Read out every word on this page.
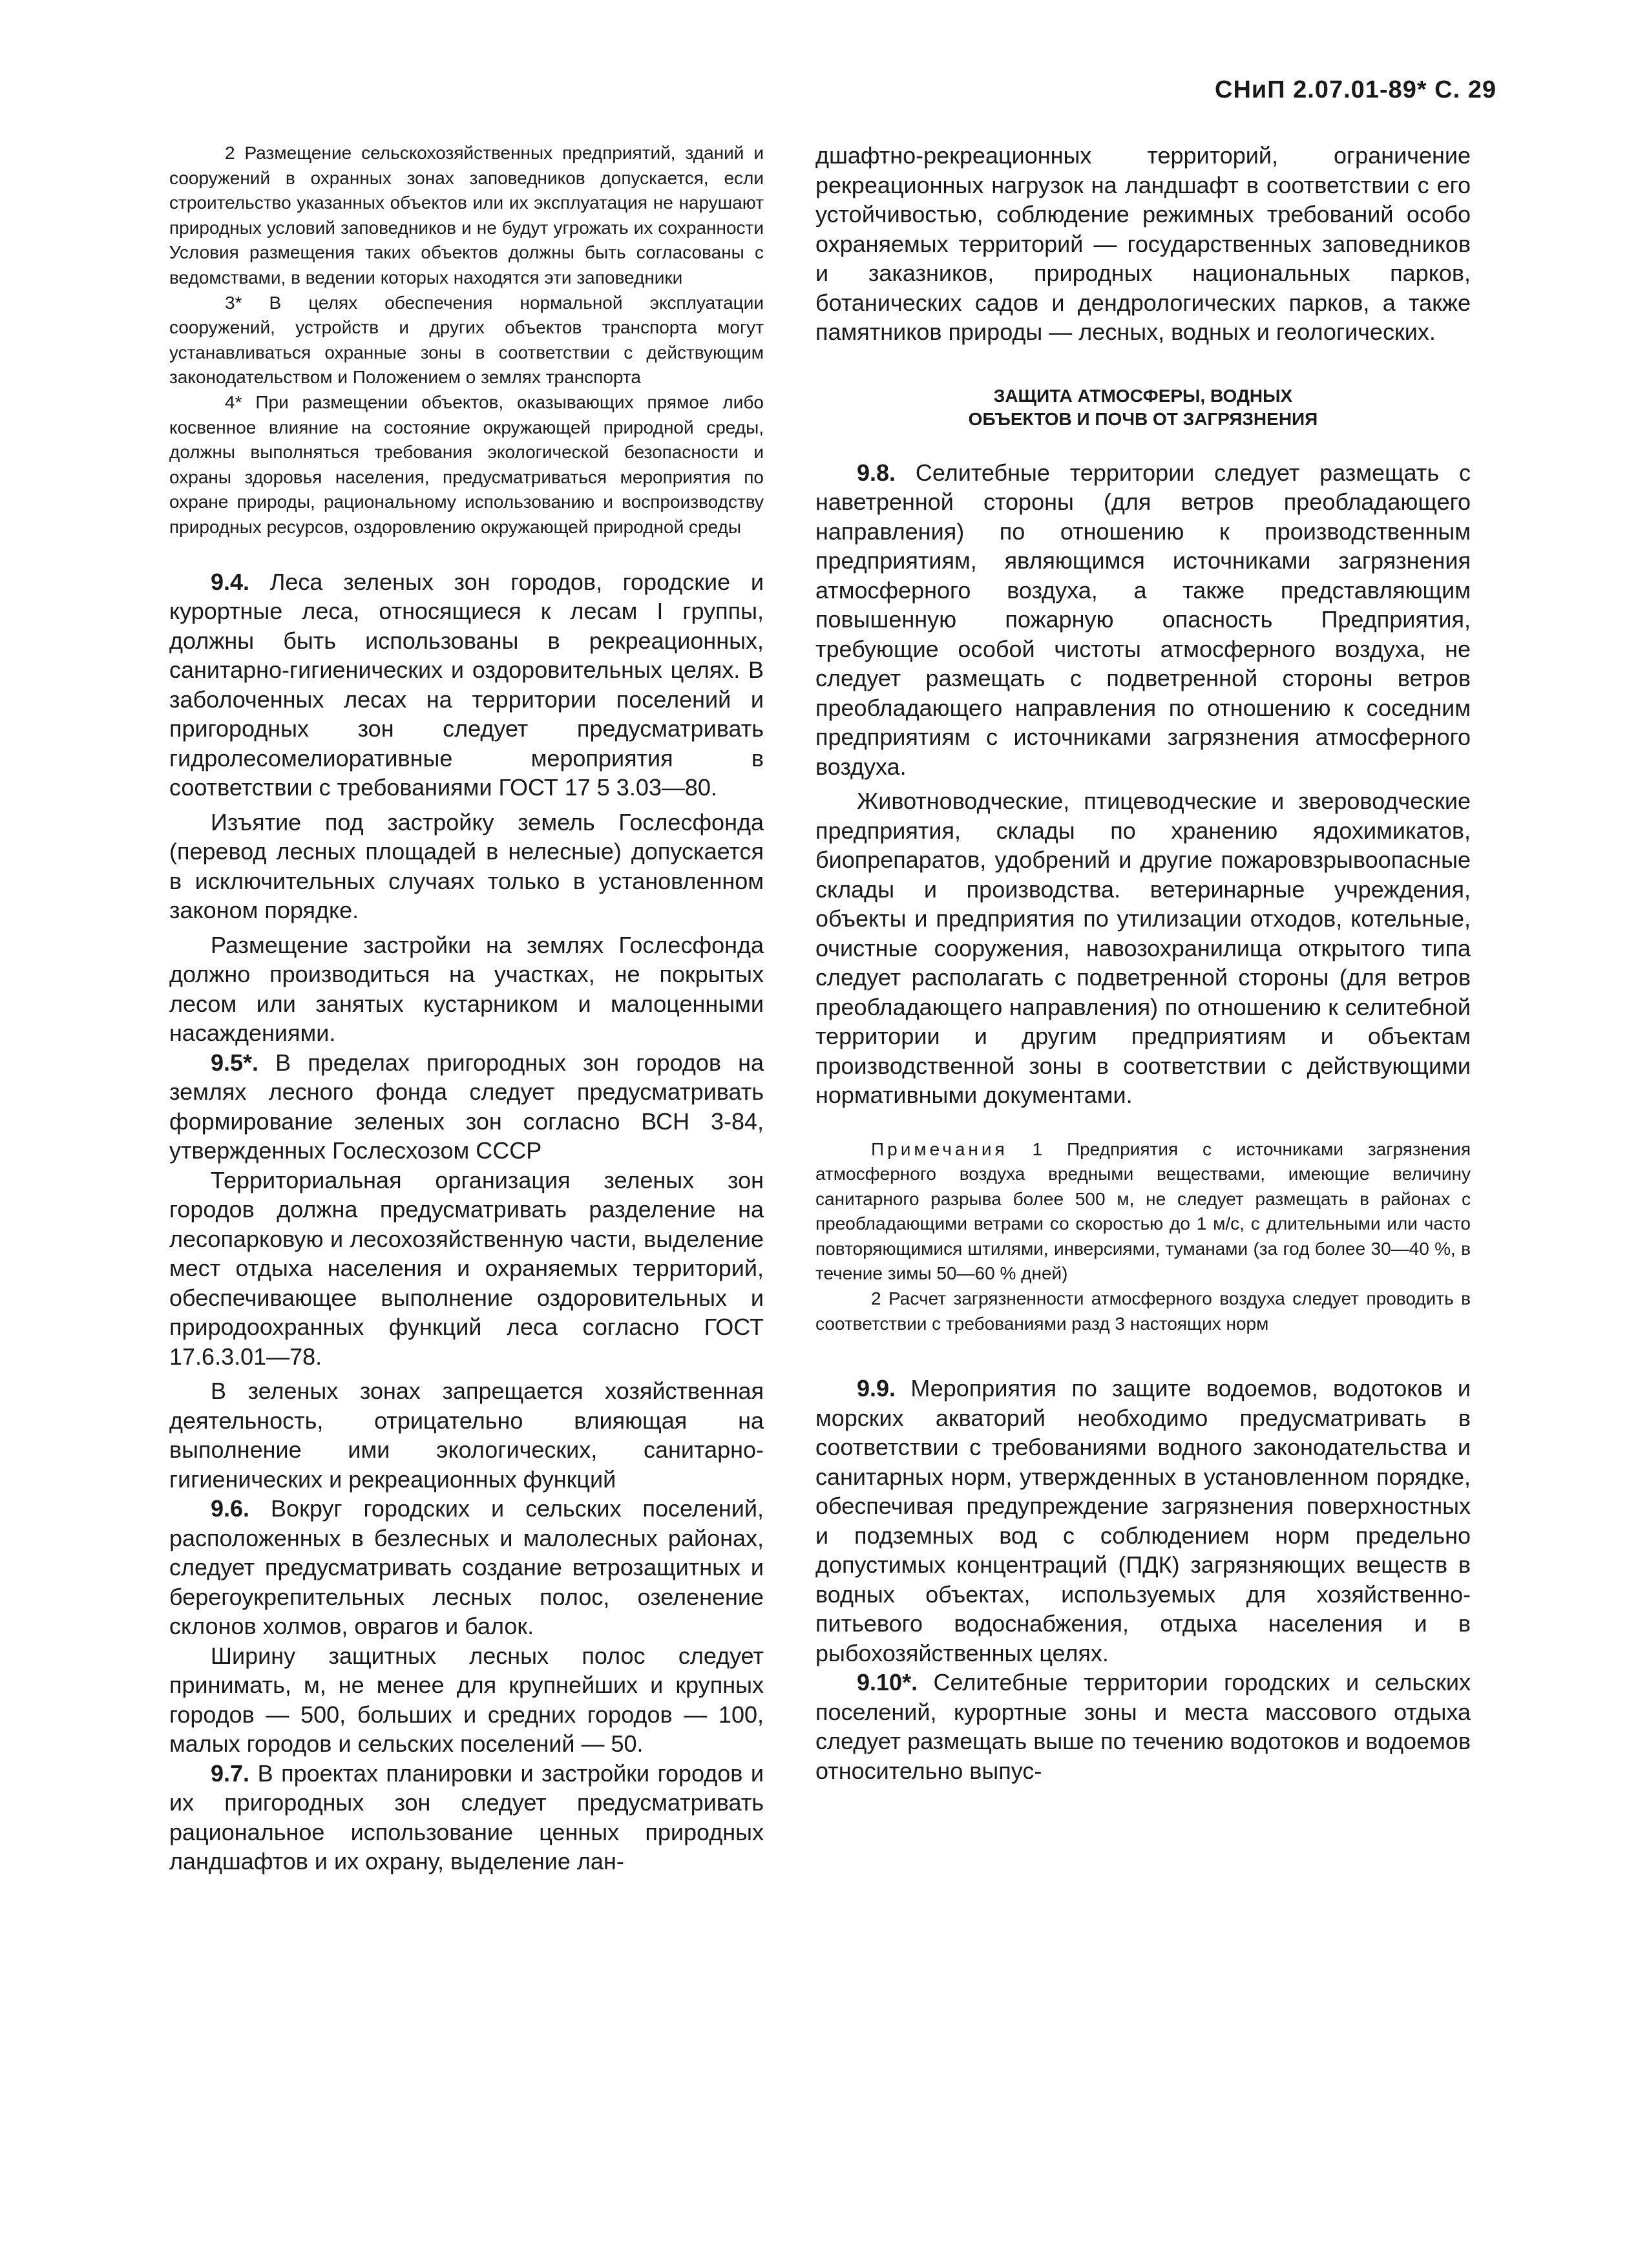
СНиП 2.07.01-89* С. 29

2 Размещение сельскохозяйственных предприятий, зданий и сооружений в охранных зонах заповедников допускается, если строительство указанных объектов или их эксплуатация не нарушают природных условий заповедников и не будут угрожать их сохранности Условия размещения таких объектов должны быть согласованы с ведомствами, в ведении которых находятся эти заповедники

3* В целях обеспечения нормальной эксплуатации сооружений, устройств и других объектов транспорта могут устанавливаться охранные зоны в соответствии с действующим законодательством и Положением о землях транспорта

4* При размещении объектов, оказывающих прямое либо косвенное влияние на состояние окружающей природной среды, должны выполняться требования экологической безопасности и охраны здоровья населения, предусматриваться мероприятия по охране природы, рациональному использованию и воспроизводству природных ресурсов, оздоровлению окружающей природной среды

9.4. Леса зеленых зон городов, городские и курортные леса, относящиеся к лесам I группы, должны быть использованы в рекреационных, санитарно-гигиенических и оздоровительных целях. В заболоченных лесах на территории поселений и пригородных зон следует предусматривать гидролесомелиоративные мероприятия в соответствии с требованиями ГОСТ 17 5 3.03—80.

Изъятие под застройку земель Гослесфонда (перевод лесных площадей в нелесные) допускается в исключительных случаях только в установленном законом порядке.

Размещение застройки на землях Гослесфонда должно производиться на участках, не покрытых лесом или занятых кустарником и малоценными насаждениями.

9.5*. В пределах пригородных зон городов на землях лесного фонда следует предусматривать формирование зеленых зон согласно ВСН 3-84, утвержденных Гослесхозом СССР

Территориальная организация зеленых зон городов должна предусматривать разделение на лесопарковую и лесохозяйственную части, выделение мест отдыха населения и охраняемых территорий, обеспечивающее выполнение оздоровительных и природоохранных функций леса согласно ГОСТ 17.6.3.01—78.

В зеленых зонах запрещается хозяйственная деятельность, отрицательно влияющая на выполнение ими экологических, санитарно-гигиенических и рекреационных функций

9.6. Вокруг городских и сельских поселений, расположенных в безлесных и малолесных районах, следует предусматривать создание ветрозащитных и берегоукрепительных лесных полос, озеленение склонов холмов, оврагов и балок.

Ширину защитных лесных полос следует принимать, м, не менее для крупнейших и крупных городов — 500, больших и средних городов — 100, малых городов и сельских поселений — 50.

9.7. В проектах планировки и застройки городов и их пригородных зон следует предусматривать рациональное использование ценных природных ландшафтов и их охрану, выделение лан-

дшафтно-рекреационных территорий, ограничение рекреационных нагрузок на ландшафт в соответствии с его устойчивостью, соблюдение режимных требований особо охраняемых территорий — государственных заповедников и заказников, природных национальных парков, ботанических садов и дендрологических парков, а также памятников природы — лесных, водных и геологических.

ЗАЩИТА АТМОСФЕРЫ, ВОДНЫХ
ОБЪЕКТОВ И ПОЧВ ОТ ЗАГРЯЗНЕНИЯ

9.8. Селитебные территории следует размещать с наветренной стороны (для ветров преобладающего направления) по отношению к производственным предприятиям, являющимся источниками загрязнения атмосферного воздуха, а также представляющим повышенную пожарную опасность Предприятия, требующие особой чистоты атмосферного воздуха, не следует размещать с подветренной стороны ветров преобладающего направления по отношению к соседним предприятиям с источниками загрязнения атмосферного воздуха.

Животноводческие, птицеводческие и звероводческие предприятия, склады по хранению ядохимикатов, биопрепаратов, удобрений и другие пожаровзрывоопасные склады и производства. ветеринарные учреждения, объекты и предприятия по утилизации отходов, котельные, очистные сооружения, навозохранилища открытого типа следует располагать с подветренной стороны (для ветров преобладающего направления) по отношению к селитебной территории и другим предприятиям и объектам производственной зоны в соответствии с действующими нормативными документами.

Примечания 1 Предприятия с источниками загрязнения атмосферного воздуха вредными веществами, имеющие величину санитарного разрыва более 500 м, не следует размещать в районах с преобладающими ветрами со скоростью до 1 м/с, с длительными или часто повторяющимися штилями, инверсиями, туманами (за год более 30—40 %, в течение зимы 50—60 % дней)

2 Расчет загрязненности атмосферного воздуха следует проводить в соответствии с требованиями разд 3 настоящих норм

9.9. Мероприятия по защите водоемов, водотоков и морских акваторий необходимо предусматривать в соответствии с требованиями водного законодательства и санитарных норм, утвержденных в установленном порядке, обеспечивая предупреждение загрязнения поверхностных и подземных вод с соблюдением норм предельно допустимых концентраций (ПДК) загрязняющих веществ в водных объектах, используемых для хозяйственно-питьевого водоснабжения, отдыха населения и в рыбохозяйственных целях.

9.10*. Селитебные территории городских и сельских поселений, курортные зоны и места массового отдыха следует размещать выше по течению водотоков и водоемов относительно выпус-
